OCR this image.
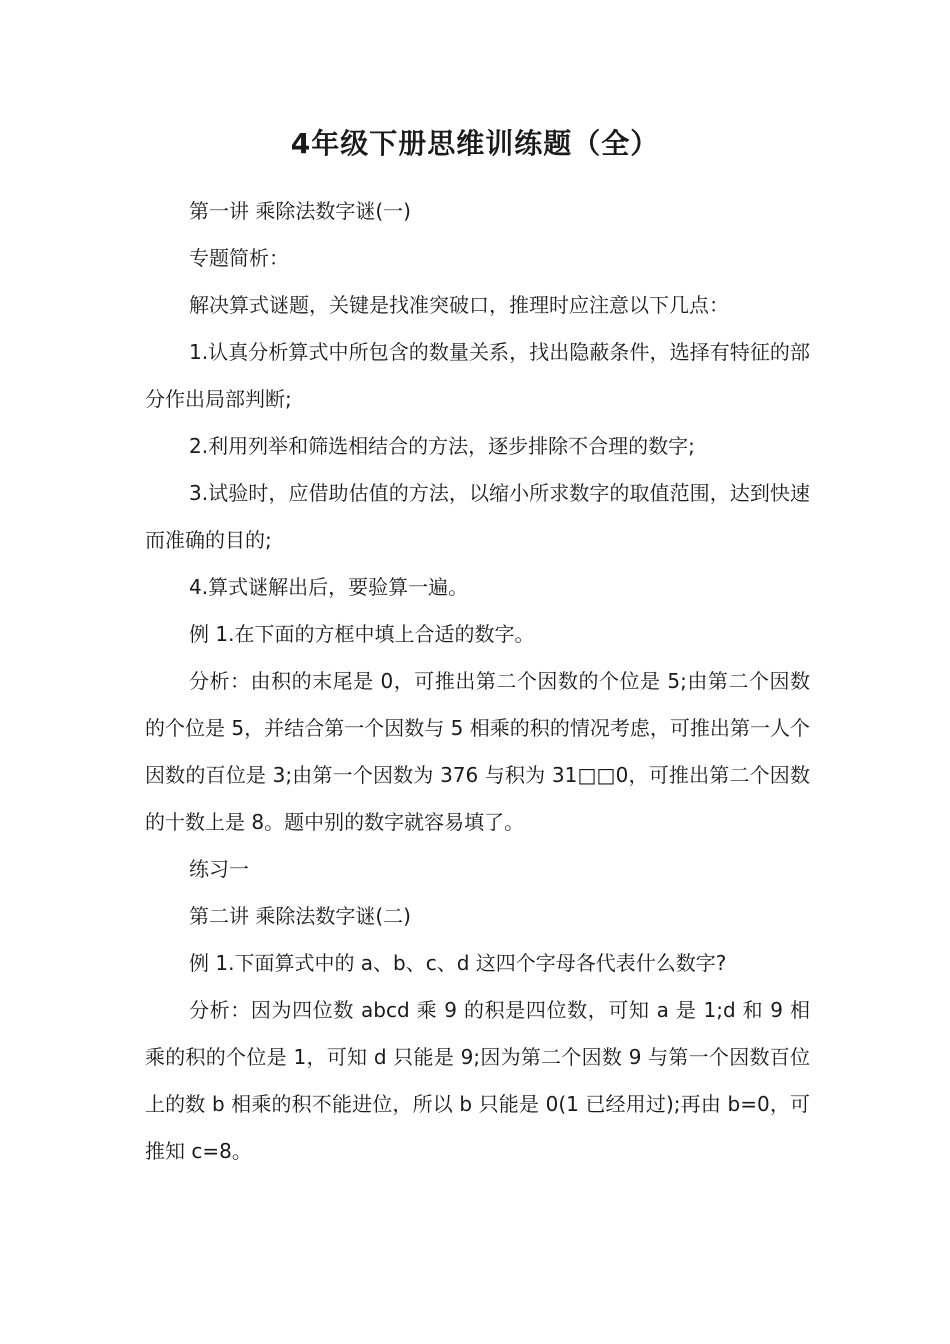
4年级下册思维训练题（全）

第一讲 乘除法数字谜(一)

专题简析：

解决算式谜题，关键是找准突破口，推理时应注意以下几点：

1.认真分析算式中所包含的数量关系，找出隐蔽条件，选择有特征的部分作出局部判断;

2.利用列举和筛选相结合的方法，逐步排除不合理的数字;

3.试验时，应借助估值的方法，以缩小所求数字的取值范围，达到快速而准确的目的;

4.算式谜解出后，要验算一遍。

例 1.在下面的方框中填上合适的数字。

分析：由积的末尾是 0，可推出第二个因数的个位是 5;由第二个因数的个位是 5，并结合第一个因数与 5 相乘的积的情况考虑，可推出第一人个因数的百位是 3;由第一个因数为 376 与积为 31□□0，可推出第二个因数的十数上是 8。题中别的数字就容易填了。

练习一

第二讲 乘除法数字谜(二)

例 1.下面算式中的 a、b、c、d 这四个字母各代表什么数字?

分析：因为四位数 abcd 乘 9 的积是四位数，可知 a 是 1;d 和 9 相乘的积的个位是 1，可知 d 只能是 9;因为第二个因数 9 与第一个因数百位上的数 b 相乘的积不能进位，所以 b 只能是 0(1 已经用过);再由 b=0，可推知 c=8。
